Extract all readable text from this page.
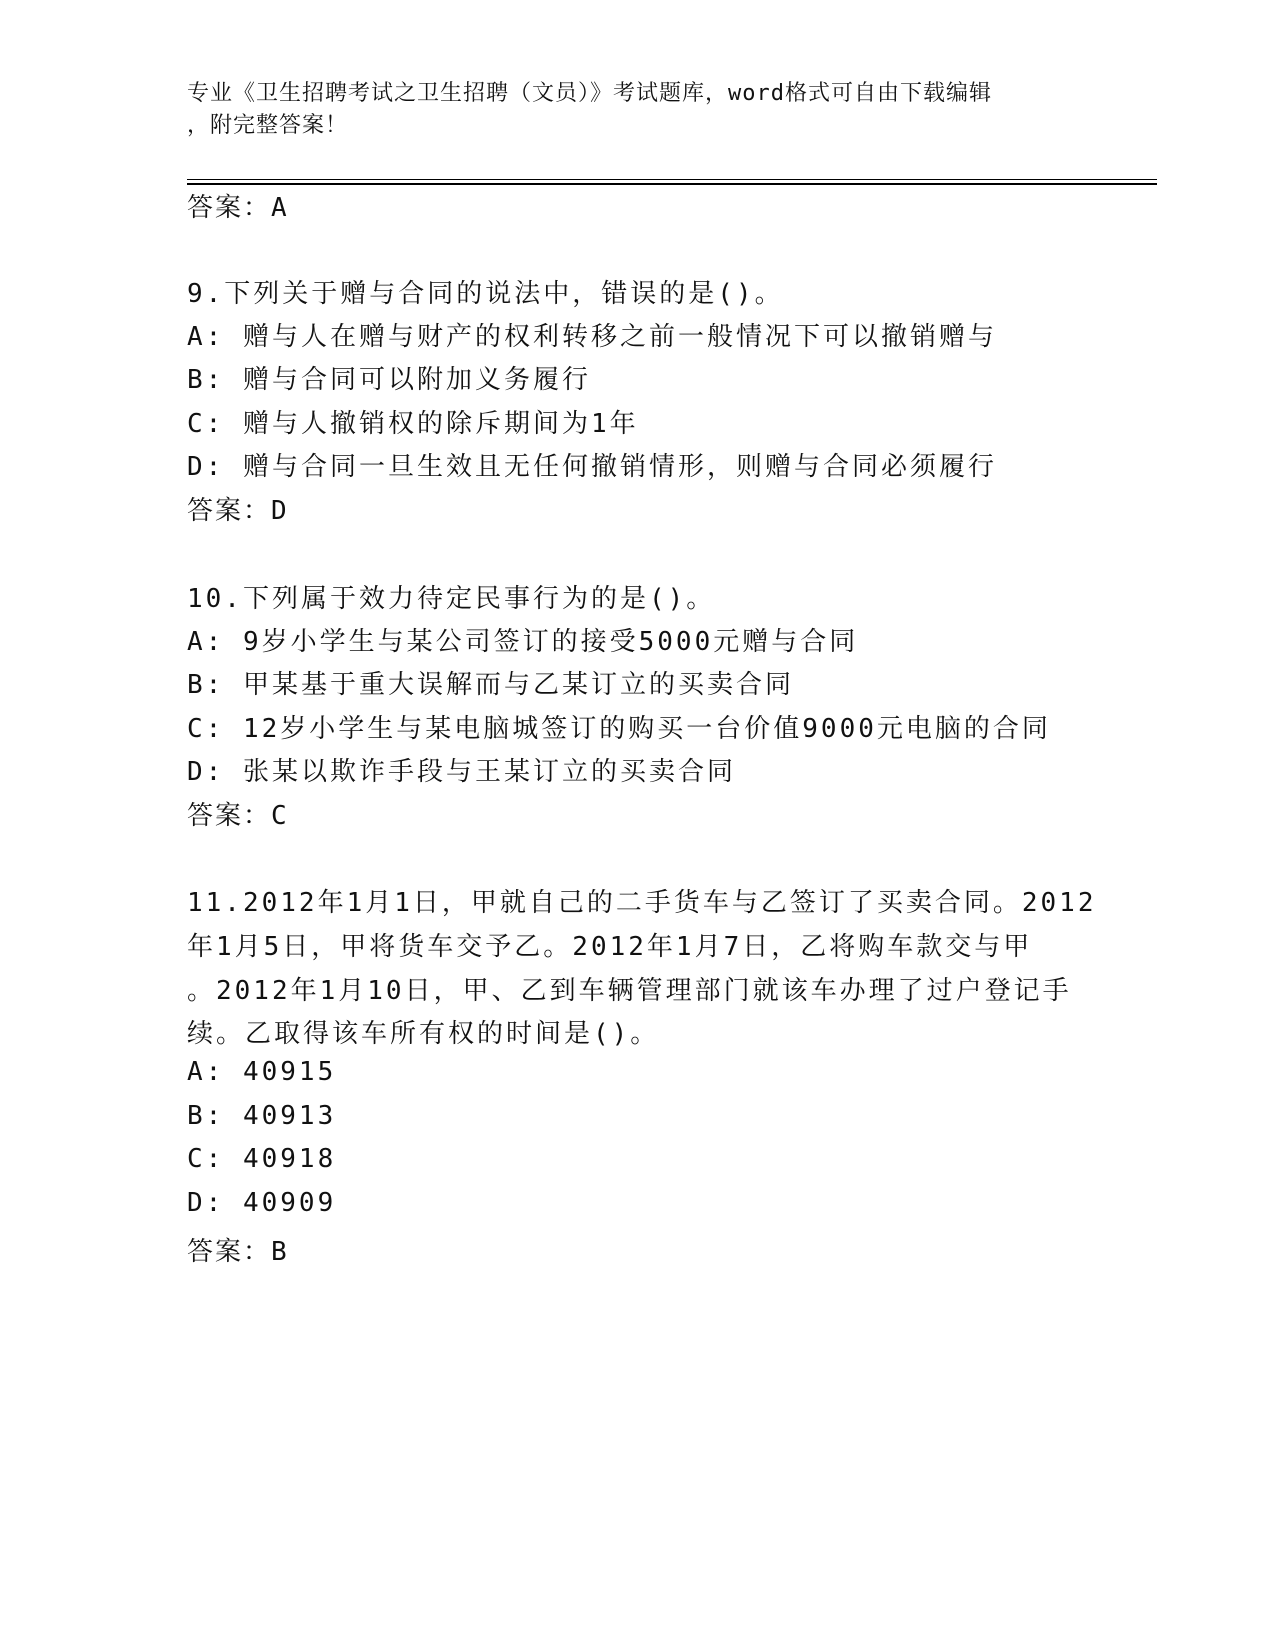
专业《卫生招聘考试之卫生招聘（文员）》考试题库，word格式可自由下载编辑
，附完整答案！
答案：A
9.下列关于赠与合同的说法中，错误的是()。
A: 赠与人在赠与财产的权利转移之前一般情况下可以撤销赠与
B: 赠与合同可以附加义务履行
C: 赠与人撤销权的除斥期间为1年
D: 赠与合同一旦生效且无任何撤销情形，则赠与合同必须履行
答案：D
10.下列属于效力待定民事行为的是()。
A: 9岁小学生与某公司签订的接受5000元赠与合同
B: 甲某基于重大误解而与乙某订立的买卖合同
C: 12岁小学生与某电脑城签订的购买一台价值9000元电脑的合同
D: 张某以欺诈手段与王某订立的买卖合同
答案：C
11.2012年1月1日，甲就自己的二手货车与乙签订了买卖合同。2012
年1月5日，甲将货车交予乙。2012年1月7日，乙将购车款交与甲
。2012年1月10日，甲、乙到车辆管理部门就该车办理了过户登记手
续。乙取得该车所有权的时间是()。
A: 40915
B: 40913
C: 40918
D: 40909
答案：B
